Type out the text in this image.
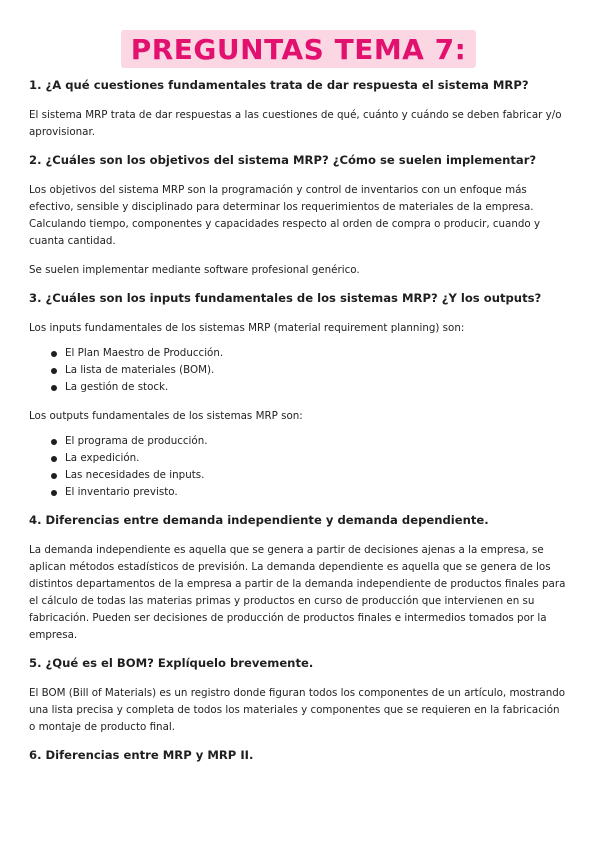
PREGUNTAS TEMA 7:
1. ¿A qué cuestiones fundamentales trata de dar respuesta el sistema MRP?

El sistema MRP trata de dar respuestas a las cuestiones de qué, cuánto y cuándo se deben fabricar y/o aprovisionar.

2. ¿Cuáles son los objetivos del sistema MRP? ¿Cómo se suelen implementar?

Los objetivos del sistema MRP son la programación y control de inventarios con un enfoque más efectivo, sensible y disciplinado para determinar los requerimientos de materiales de la empresa. Calculando tiempo, componentes y capacidades respecto al orden de compra o producir, cuando y cuanta cantidad.

Se suelen implementar mediante software profesional genérico.

3. ¿Cuáles son los inputs fundamentales de los sistemas MRP? ¿Y los outputs?

Los inputs fundamentales de los sistemas MRP (material requirement planning) son:

El Plan Maestro de Producción.
La lista de materiales (BOM).
La gestión de stock.

Los outputs fundamentales de los sistemas MRP son:

El programa de producción.
La expedición.
Las necesidades de inputs.
El inventario previsto.
4. Diferencias entre demanda independiente y demanda dependiente.

La demanda independiente es aquella que se genera a partir de decisiones ajenas a la empresa, se aplican métodos estadísticos de previsión. La demanda dependiente es aquella que se genera de los distintos departamentos de la empresa a partir de la demanda independiente de productos finales para el cálculo de todas las materias primas y productos en curso de producción que intervienen en su fabricación. Pueden ser decisiones de producción de productos finales e intermedios tomados por la empresa.

5. ¿Qué es el BOM? Explíquelo brevemente.

El BOM (Bill of Materials) es un registro donde figuran todos los componentes de un artículo, mostrando una lista precisa y completa de todos los materiales y componentes que se requieren en la fabricación o montaje de producto final.

6. Diferencias entre MRP y MRP II.
